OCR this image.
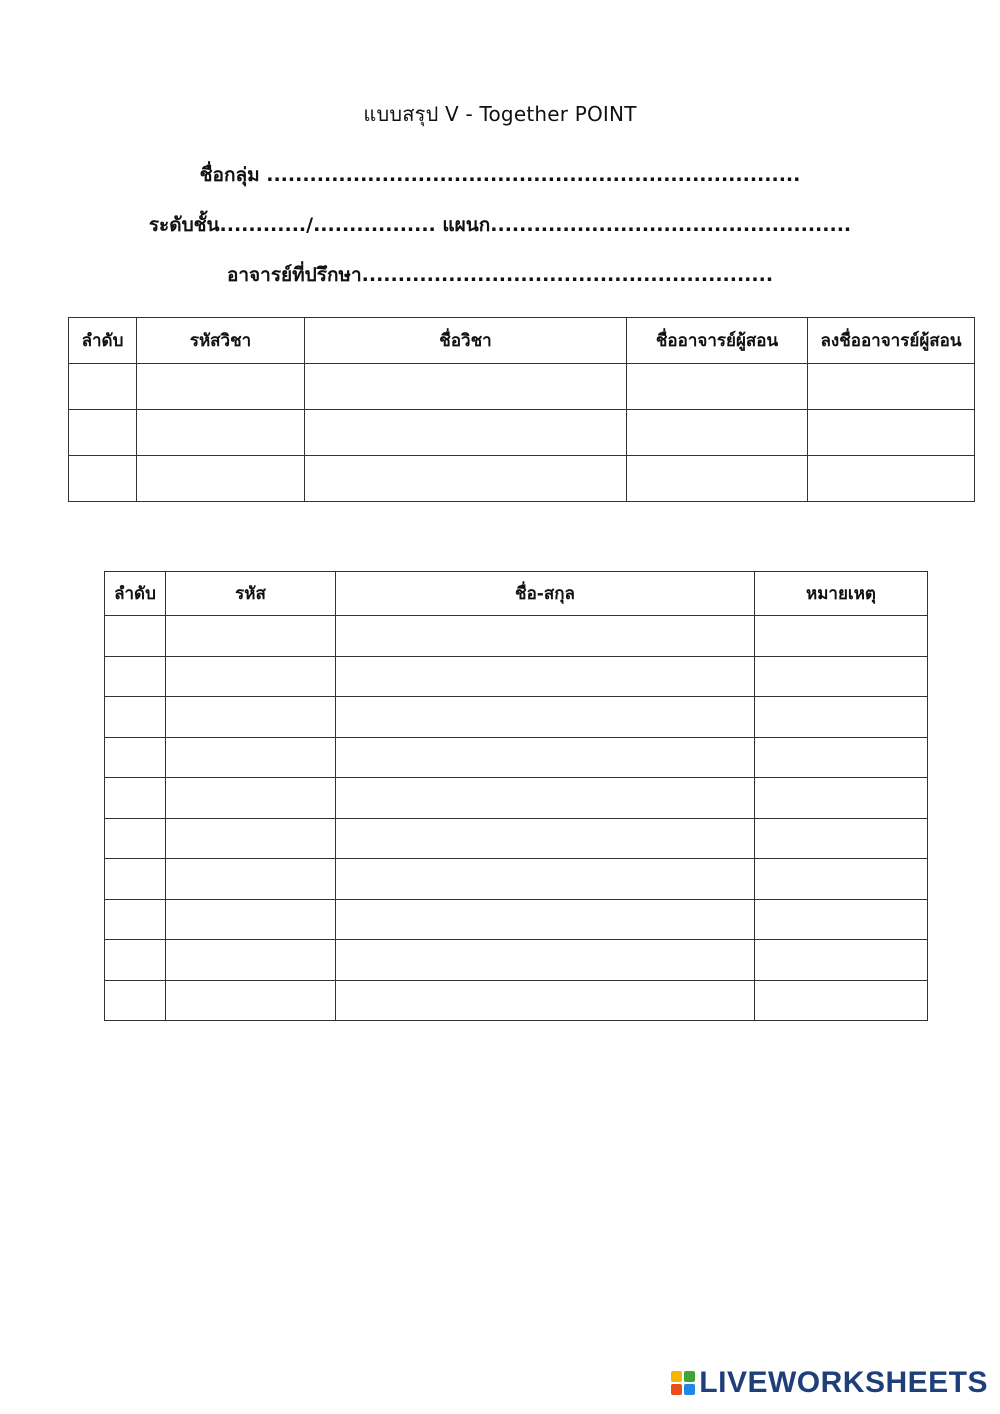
แบบสรุป V - Together POINT
ชื่อกลุ่ม ..........................................................................
ระดับชั้น............/................. แผนก..................................................
อาจารย์ที่ปรึกษา.........................................................
ลำดับ	รหัสวิชา	ชื่อวิชา	ชื่ออาจารย์ผู้สอน	ลงชื่ออาจารย์ผู้สอน

ลำดับ	รหัส	ชื่อ-สกุล	หมายเหตุ

LIVEWORKSHEETS
